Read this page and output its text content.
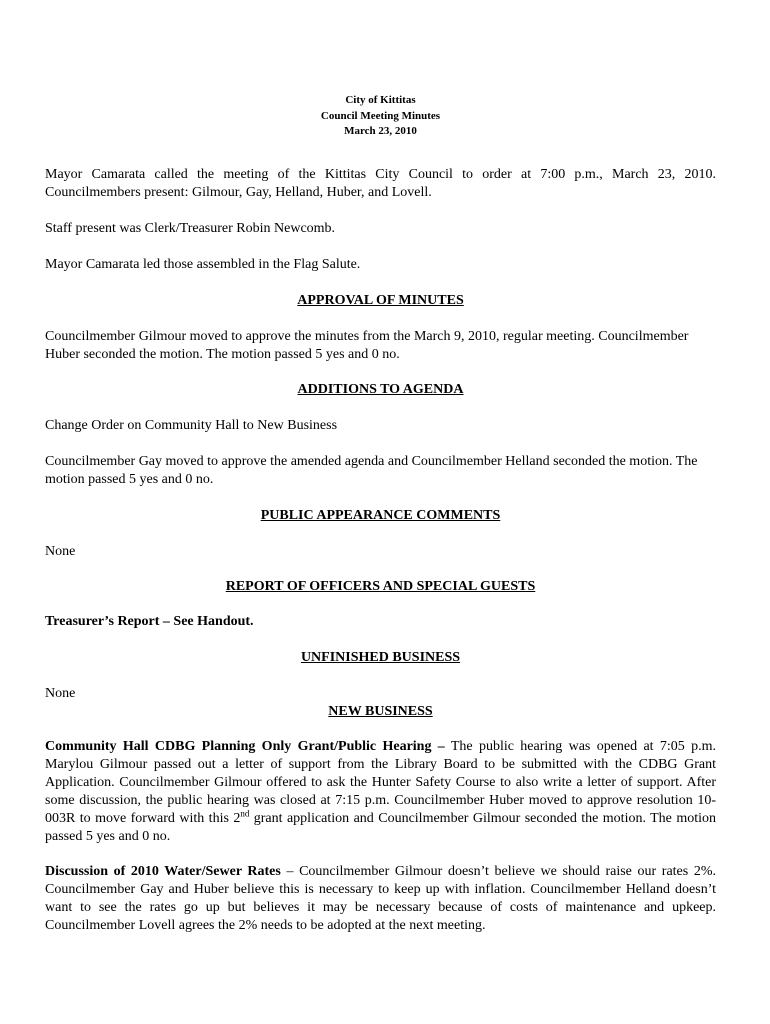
City of Kittitas
Council Meeting Minutes
March 23, 2010

Mayor Camarata called the meeting of the Kittitas City Council to order at 7:00 p.m., March 23, 2010. Councilmembers present: Gilmour, Gay, Helland, Huber, and Lovell.

Staff present was Clerk/Treasurer Robin Newcomb.

Mayor Camarata led those assembled in the Flag Salute.

APPROVAL OF MINUTES

Councilmember Gilmour moved to approve the minutes from the March 9, 2010, regular meeting. Councilmember Huber seconded the motion. The motion passed 5 yes and 0 no.

ADDITIONS TO AGENDA

Change Order on Community Hall to New Business

Councilmember Gay moved to approve the amended agenda and Councilmember Helland seconded the motion. The motion passed 5 yes and 0 no.

PUBLIC APPEARANCE COMMENTS

None

REPORT OF OFFICERS AND SPECIAL GUESTS

Treasurer’s Report – See Handout.

UNFINISHED BUSINESS

None

NEW BUSINESS

Community Hall CDBG Planning Only Grant/Public Hearing – The public hearing was opened at 7:05 p.m. Marylou Gilmour passed out a letter of support from the Library Board to be submitted with the CDBG Grant Application. Councilmember Gilmour offered to ask the Hunter Safety Course to also write a letter of support. After some discussion, the public hearing was closed at 7:15 p.m. Councilmember Huber moved to approve resolution 10-003R to move forward with this 2nd grant application and Councilmember Gilmour seconded the motion. The motion passed 5 yes and 0 no.

Discussion of 2010 Water/Sewer Rates – Councilmember Gilmour doesn’t believe we should raise our rates 2%. Councilmember Gay and Huber believe this is necessary to keep up with inflation. Councilmember Helland doesn’t want to see the rates go up but believes it may be necessary because of costs of maintenance and upkeep. Councilmember Lovell agrees the 2% needs to be adopted at the next meeting.
